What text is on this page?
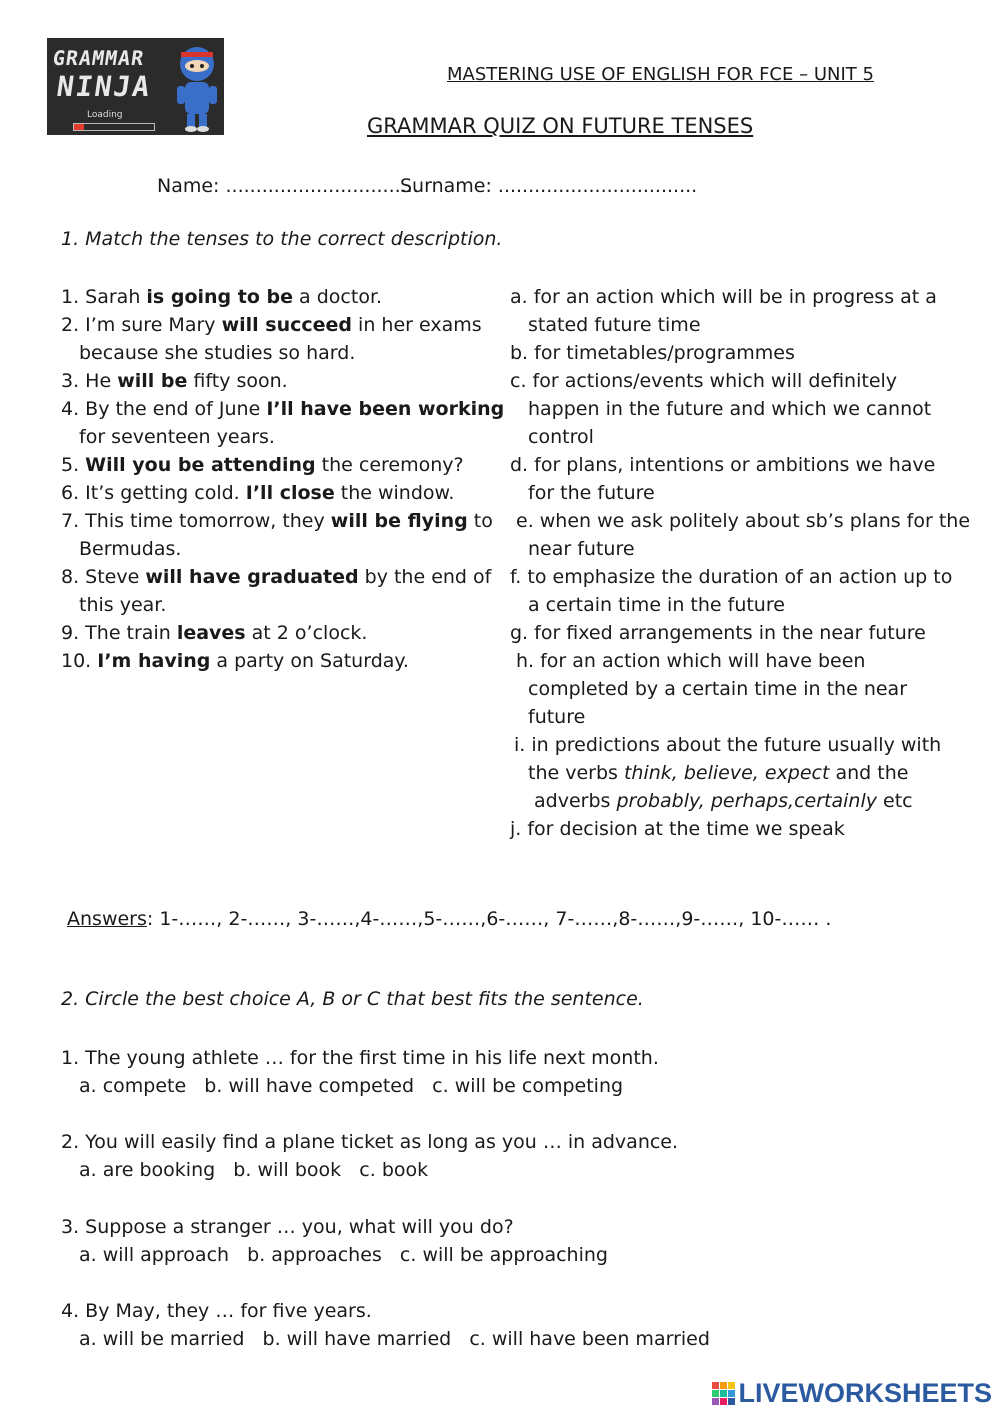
GRAMMAR
NINJA
Loading
MASTERING USE OF ENGLISH FOR FCE – UNIT 5
GRAMMAR QUIZ ON FUTURE TENSES
Name: ................................
Surname: .................................
1. Match the tenses to the correct description.
1. Sarah is going to be a doctor.
2. I’m sure Mary will succeed in her exams
because she studies so hard.
3. He will be fifty soon.
4. By the end of June I’ll have been working
for seventeen years.
5. Will you be attending the ceremony?
6. It’s getting cold. I’ll close the window.
7. This time tomorrow, they will be flying to
Bermudas.
8. Steve will have graduated by the end of
this year.
9. The train leaves at 2 o’clock.
10. I’m having a party on Saturday.
a. for an action which will be in progress at a
stated future time
b. for timetables/programmes
c. for actions/events which will definitely
happen in the future and which we cannot
control
d. for plans, intentions or ambitions we have
for the future
e. when we ask politely about sb’s plans for the
near future
f. to emphasize the duration of an action up to
a certain time in the future
g. for fixed arrangements in the near future
h. for an action which will have been
completed by a certain time in the near
future
i. in predictions about the future usually with
the verbs think, believe, expect and the
adverbs probably, perhaps,certainly etc
j. for decision at the time we speak
Answers: 1-……, 2-……, 3-……,4-……,5-……,6-……, 7-……,8-……,9-……, 10-…… .
2. Circle the best choice A, B or C that best fits the sentence.
1. The young athlete … for the first time in his life next month.
a. compete   b. will have competed   c. will be competing
2. You will easily find a plane ticket as long as you … in advance.
a. are booking   b. will book   c. book
3. Suppose a stranger … you, what will you do?
a. will approach   b. approaches   c. will be approaching
4. By May, they … for five years.
a. will be married   b. will have married   c. will have been married
LIVEWORKSHEETS
